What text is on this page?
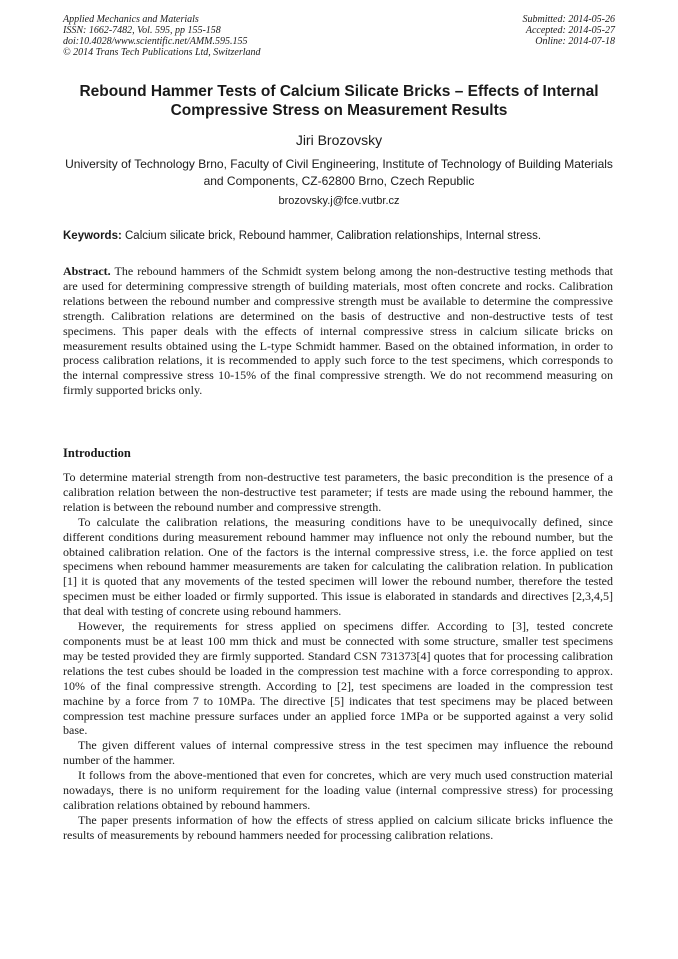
Applied Mechanics and Materials
ISSN: 1662-7482, Vol. 595, pp 155-158
doi:10.4028/www.scientific.net/AMM.595.155
© 2014 Trans Tech Publications Ltd, Switzerland
Submitted: 2014-05-26
Accepted: 2014-05-27
Online: 2014-07-18
Rebound Hammer Tests of Calcium Silicate Bricks – Effects of Internal Compressive Stress on Measurement Results
Jiri Brozovsky
University of Technology Brno, Faculty of Civil Engineering, Institute of Technology of Building Materials and Components, CZ-62800 Brno, Czech Republic
brozovsky.j@fce.vutbr.cz
Keywords: Calcium silicate brick, Rebound hammer, Calibration relationships, Internal stress.
Abstract. The rebound hammers of the Schmidt system belong among the non-destructive testing methods that are used for determining compressive strength of building materials, most often concrete and rocks. Calibration relations between the rebound number and compressive strength must be available to determine the compressive strength. Calibration relations are determined on the basis of destructive and non-destructive tests of test specimens. This paper deals with the effects of internal compressive stress in calcium silicate bricks on measurement results obtained using the L-type Schmidt hammer. Based on the obtained information, in order to process calibration relations, it is recommended to apply such force to the test specimens, which corresponds to the internal compressive stress 10-15% of the final compressive strength. We do not recommend measuring on firmly supported bricks only.
Introduction

To determine material strength from non-destructive test parameters, the basic precondition is the presence of a calibration relation between the non-destructive test parameter; if tests are made using the rebound hammer, the relation is between the rebound number and compressive strength.

To calculate the calibration relations, the measuring conditions have to be unequivocally defined, since different conditions during measurement rebound hammer may influence not only the rebound number, but the obtained calibration relation. One of the factors is the internal compressive stress, i.e. the force applied on test specimens when rebound hammer measurements are taken for calculating the calibration relation. In publication [1] it is quoted that any movements of the tested specimen will lower the rebound number, therefore the tested specimen must be either loaded or firmly supported. This issue is elaborated in standards and directives [2,3,4,5] that deal with testing of concrete using rebound hammers.

However, the requirements for stress applied on specimens differ. According to [3], tested concrete components must be at least 100 mm thick and must be connected with some structure, smaller test specimens may be tested provided they are firmly supported. Standard CSN 731373[4] quotes that for processing calibration relations the test cubes should be loaded in the compression test machine with a force corresponding to approx. 10% of the final compressive strength. According to [2], test specimens are loaded in the compression test machine by a force from 7 to 10MPa. The directive [5] indicates that test specimens may be placed between compression test machine pressure surfaces under an applied force 1MPa or be supported against a very solid base.

The given different values of internal compressive stress in the test specimen may influence the rebound number of the hammer.

It follows from the above-mentioned that even for concretes, which are very much used construction material nowadays, there is no uniform requirement for the loading value (internal compressive stress) for processing calibration relations obtained by rebound hammers.

The paper presents information of how the effects of stress applied on calcium silicate bricks influence the results of measurements by rebound hammers needed for processing calibration relations.
